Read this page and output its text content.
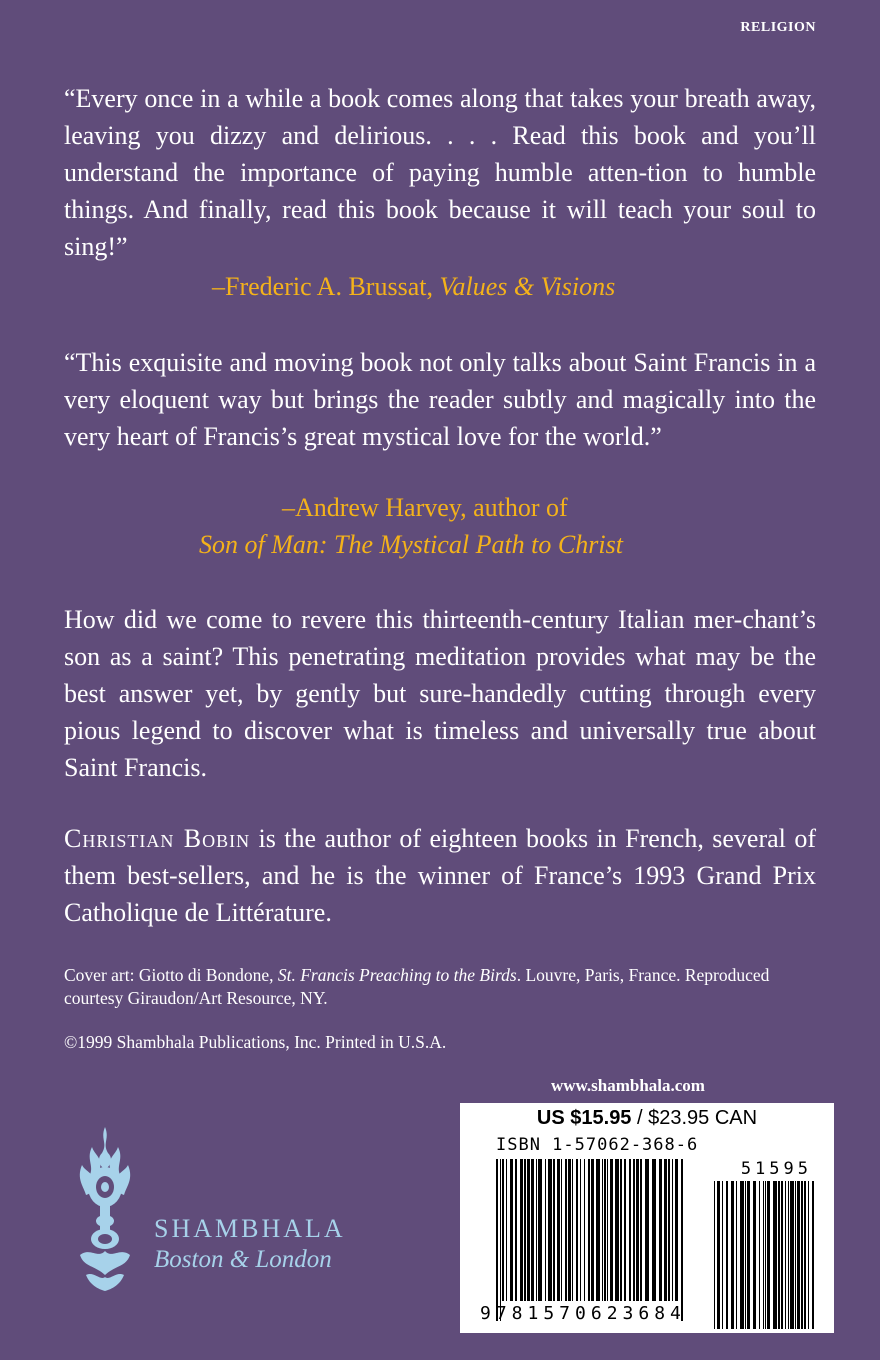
RELIGION
“Every once in a while a book comes along that takes your breath away, leaving you dizzy and delirious. . . . Read this book and you’ll understand the importance of paying humble atten-tion to humble things. And finally, read this book because it will teach your soul to sing!”
–Frederic A. Brussat, Values & Visions
“This exquisite and moving book not only talks about Saint Francis in a very eloquent way but brings the reader subtly and magically into the very heart of Francis’s great mystical love for the world.”
–Andrew Harvey, author of
Son of Man: The Mystical Path to Christ
How did we come to revere this thirteenth-century Italian mer-chant’s son as a saint? This penetrating meditation provides what may be the best answer yet, by gently but sure-handedly cutting through every pious legend to discover what is timeless and universally true about Saint Francis.
Christian Bobin is the author of eighteen books in French, several of them best-sellers, and he is the winner of France’s 1993 Grand Prix Catholique de Littérature.
Cover art: Giotto di Bondone, St. Francis Preaching to the Birds. Louvre, Paris, France. Reproduced courtesy Giraudon/Art Resource, NY.
©1999 Shambhala Publications, Inc. Printed in U.S.A.
www.shambhala.com
US $15.95 / $23.95 CAN
ISBN 1-57062-368-6
51595
9781570623684
SHAMBHALA
Boston & London
